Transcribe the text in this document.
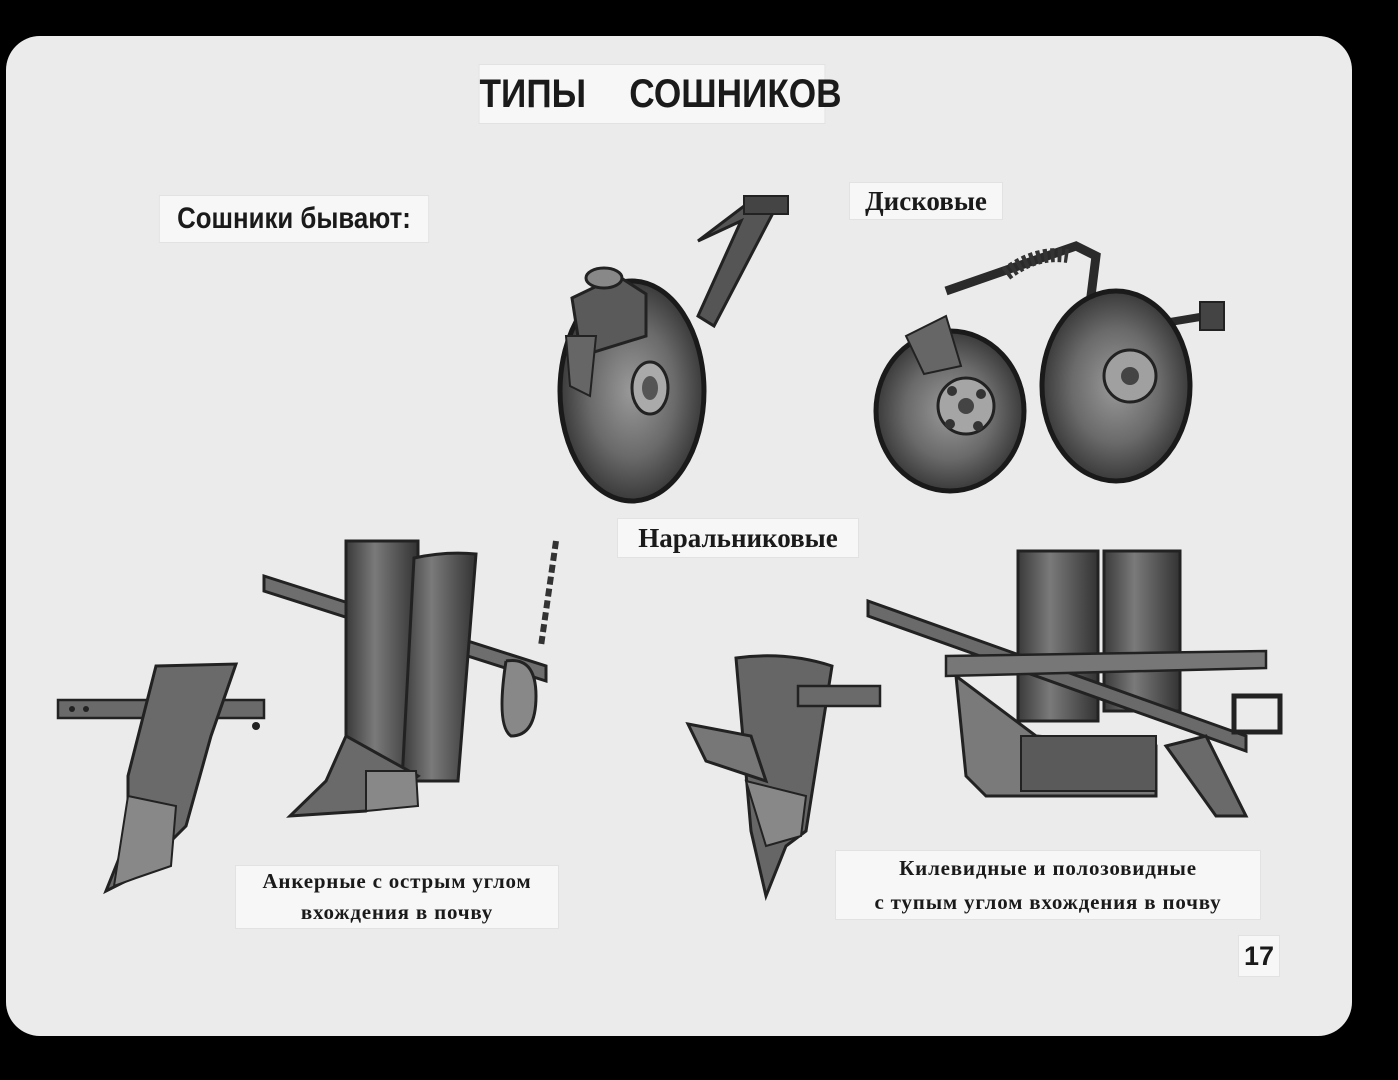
ТИПЫ СОШНИКОВ
Сошники бывают:
Дисковые
Наральниковые
Анкерные с острым углом
вхождения в почву
Килевидные и полозовидные
с тупым углом вхождения в почву
17
